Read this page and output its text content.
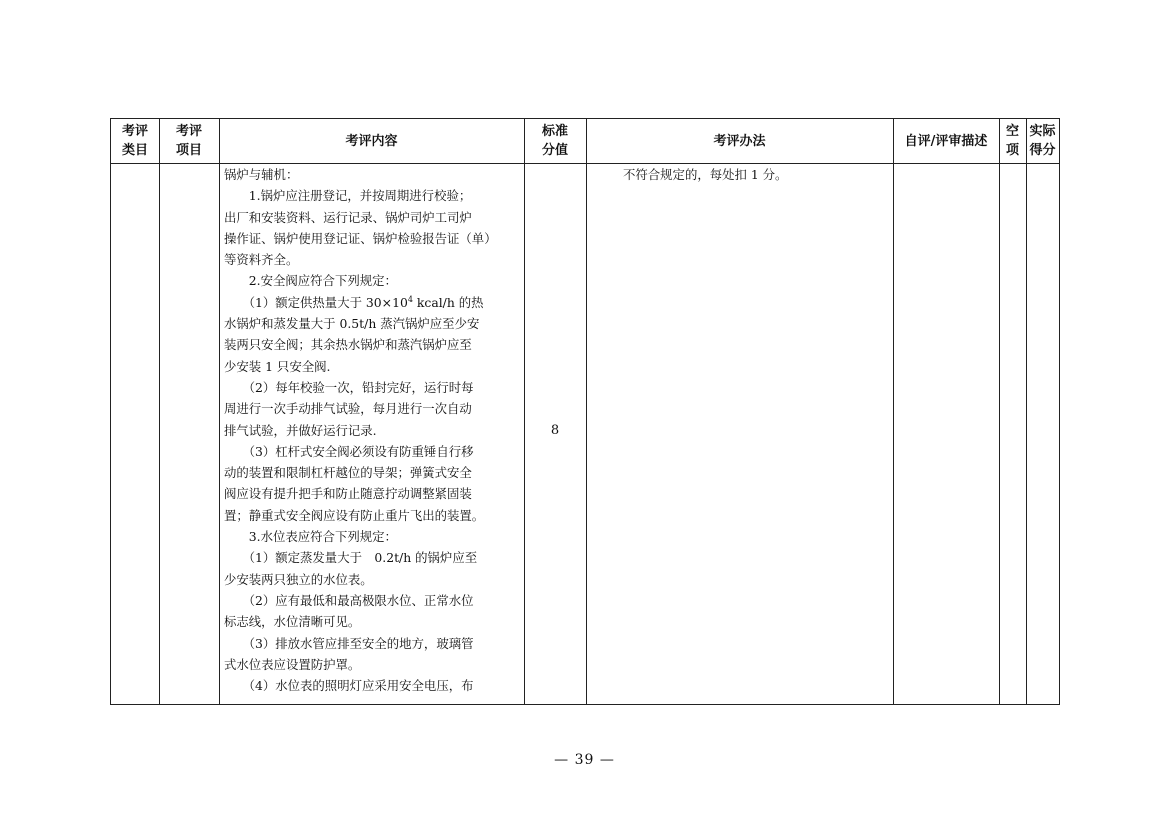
考评
类目
考评
项目
考评内容
标准
分值
考评办法	自评/评审描述
空
项
实际
得分
锅炉与辅机：
　　1.锅炉应注册登记，并按周期进行校验；
出厂和安装资料、运行记录、锅炉司炉工司炉
操作证、锅炉使用登记证、锅炉检验报告证（单）
等资料齐全。
　　2.安全阀应符合下列规定：
　　（1）额定供热量大于 $30\times 10^4$ kcal/h 的热
水锅炉和蒸发量大于 0.5t/h 蒸汽锅炉应至少安
装两只安全阀；其余热水锅炉和蒸汽锅炉应至
少安装 1 只安全阀.
　　（2）每年校验一次，铅封完好，运行时每
周进行一次手动排气试验，每月进行一次自动
排气试验，并做好运行记录.
　　（3）杠杆式安全阀必须设有防重锤自行移
动的装置和限制杠杆越位的导架；弹簧式安全
阀应设有提升把手和防止随意拧动调整紧固装
置；静重式安全阀应设有防止重片飞出的装置。
　　3.水位表应符合下列规定：
　　（1）额定蒸发量大于　0.2t/h 的锅炉应至
少安装两只独立的水位表。
　　（2）应有最低和最高极限水位、正常水位
标志线，水位清晰可见。
　　（3）排放水管应排至安全的地方，玻璃管
式水位表应设置防护罩。
　　（4）水位表的照明灯应采用安全电压，布
8
不符合规定的，每处扣 1 分。
— 39 —
